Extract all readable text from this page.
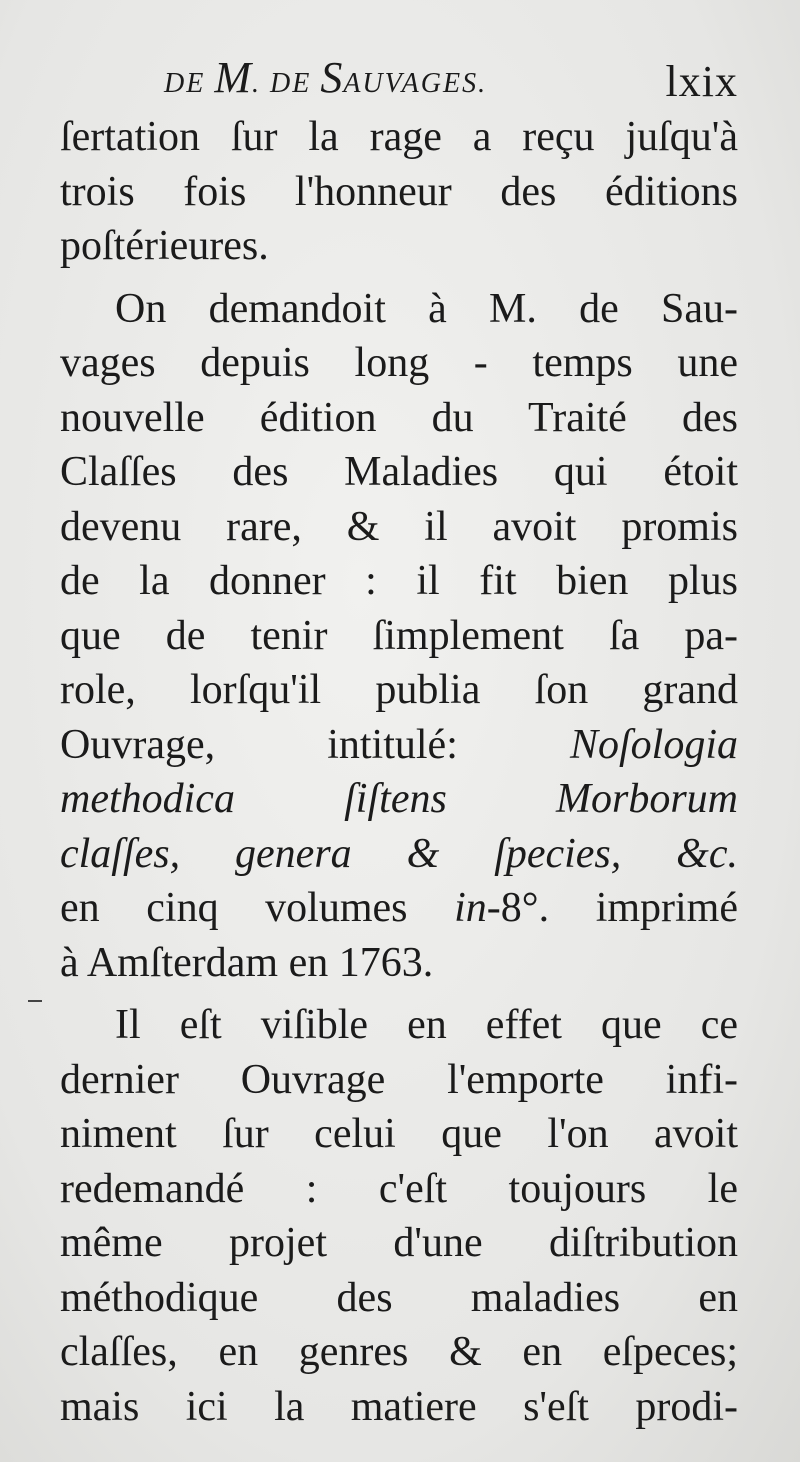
DE M. DE SAUVAGES.	lxix
ſertation ſur la rage a reçu juſqu'à
trois fois l'honneur des éditions
poſtérieures.
On demandoit à M. de Sau-
vages depuis long - temps une
nouvelle édition du Traité des
Claſſes des Maladies qui étoit
devenu rare, & il avoit promis
de la donner : il fit bien plus
que de tenir ſimplement ſa pa-
role, lorſqu'il publia ſon grand
Ouvrage, intitulé: Noſologia
methodica ſiſtens Morborum
claſſes, genera & ſpecies, &c.
en cinq volumes in-8°. imprimé
à Amſterdam en 1763.
Il eſt viſible en effet que ce
dernier Ouvrage l'emporte infi-
niment ſur celui que l'on avoit
redemandé : c'eſt toujours le
même projet d'une diſtribution
méthodique des maladies en
claſſes, en genres & en eſpeces;
mais ici la matiere s'eſt prodi-
